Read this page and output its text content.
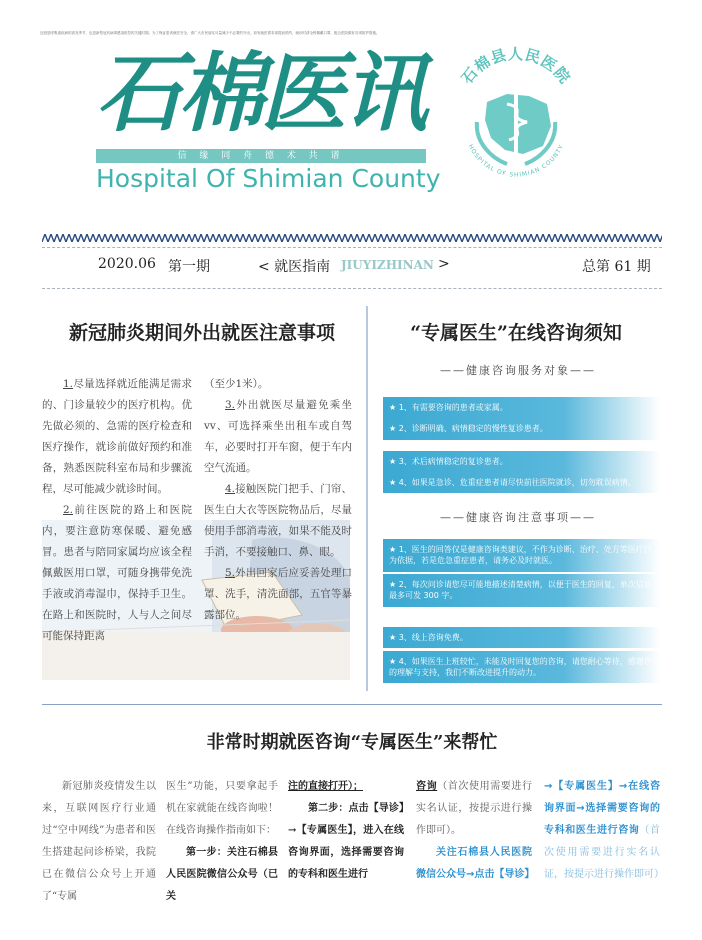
近段是呼吸道疾病的高发季节，也是新型冠状病毒感染防控的关键时期。为了保证患者就医安全，请广大市民朋友尽量减少不必要的外出，如有就医需求请提前预约，就诊时请全程佩戴口罩，配合医院做好各项防护措施。
石棉医讯
信 缘 同 舟 德 术 共 谱
Hospital Of Shimian County
石棉县人民医院
HOSPITAL OF SHIMIAN COUNTY
2020.06 第一期	< 就医指南 JIUYIZHINAN >	总第 61 期
新冠肺炎期间外出就医注意事项

1.尽量选择就近能满足需求的、门诊量较少的医疗机构。优先做必须的、急需的医疗检查和医疗操作，就诊前做好预约和准备，熟悉医院科室布局和步骤流程，尽可能减少就诊时间。

2.前往医院的路上和医院内，要注意防寒保暖、避免感冒。患者与陪同家属均应该全程佩戴医用口罩，可随身携带免洗手液或消毒湿巾，保持手卫生。在路上和医院时，人与人之间尽可能保持距离

（至少1米）。

3.外出就医尽量避免乘坐vv、可选择乘坐出租车或自驾车，必要时打开车窗，便于车内空气流通。

4.接触医院门把手、门帘、医生白大衣等医院物品后，尽量使用手部消毒液，如果不能及时手消，不要接触口、鼻、眼。

5.外出回家后应妥善处理口罩、洗手，清洗面部，五官等暴露部位。

“专属医生”在线咨询须知
——健康咨询服务对象——
★ 1、有需要咨询的患者或家属。
★ 2、诊断明确、病情稳定的慢性复诊患者。
★ 3、术后病情稳定的复诊患者。
★ 4、如果是急诊、危重症患者请尽快前往医院就诊，切勿耽误病情。
——健康咨询注意事项——
★ 1、医生的回答仅是健康咨询类建议，不作为诊断、治疗、处方等医疗行为依据，若是危急重症患者，请务必及时就医。
★ 2、每次问诊请您尽可能地描述清楚病情，以便于医生的回复，单次信息最多可发 300 字。
★ 3、线上咨询免费。
★ 4、如果医生上班较忙，未能及时回复您的咨询，请您耐心等待，感谢您的理解与支持，我们不断改进提升的动力。
非常时期就医咨询“专属医生”来帮忙

新冠肺炎疫情发生以来，互联网医疗行业通过“空中网线”为患者和医生搭建起问诊桥梁，我院已在微信公众号上开通了“专属

医生”功能，只要拿起手机在家就能在线咨询啦！在线咨询操作指南如下：

第一步：关注石棉县人民医院微信公众号（已关

注的直接打开）；

第二步：点击【导诊】→【专属医生】，进入在线咨询界面，选择需要咨询的专科和医生进行

咨询（首次使用需要进行实名认证，按提示进行操作即可）。

关注石棉县人民医院微信公众号→点击【导诊】

→【专属医生】→在线咨询界面→选择需要咨询的专科和医生进行咨询（首次使用需要进行实名认证，按提示进行操作即可）
